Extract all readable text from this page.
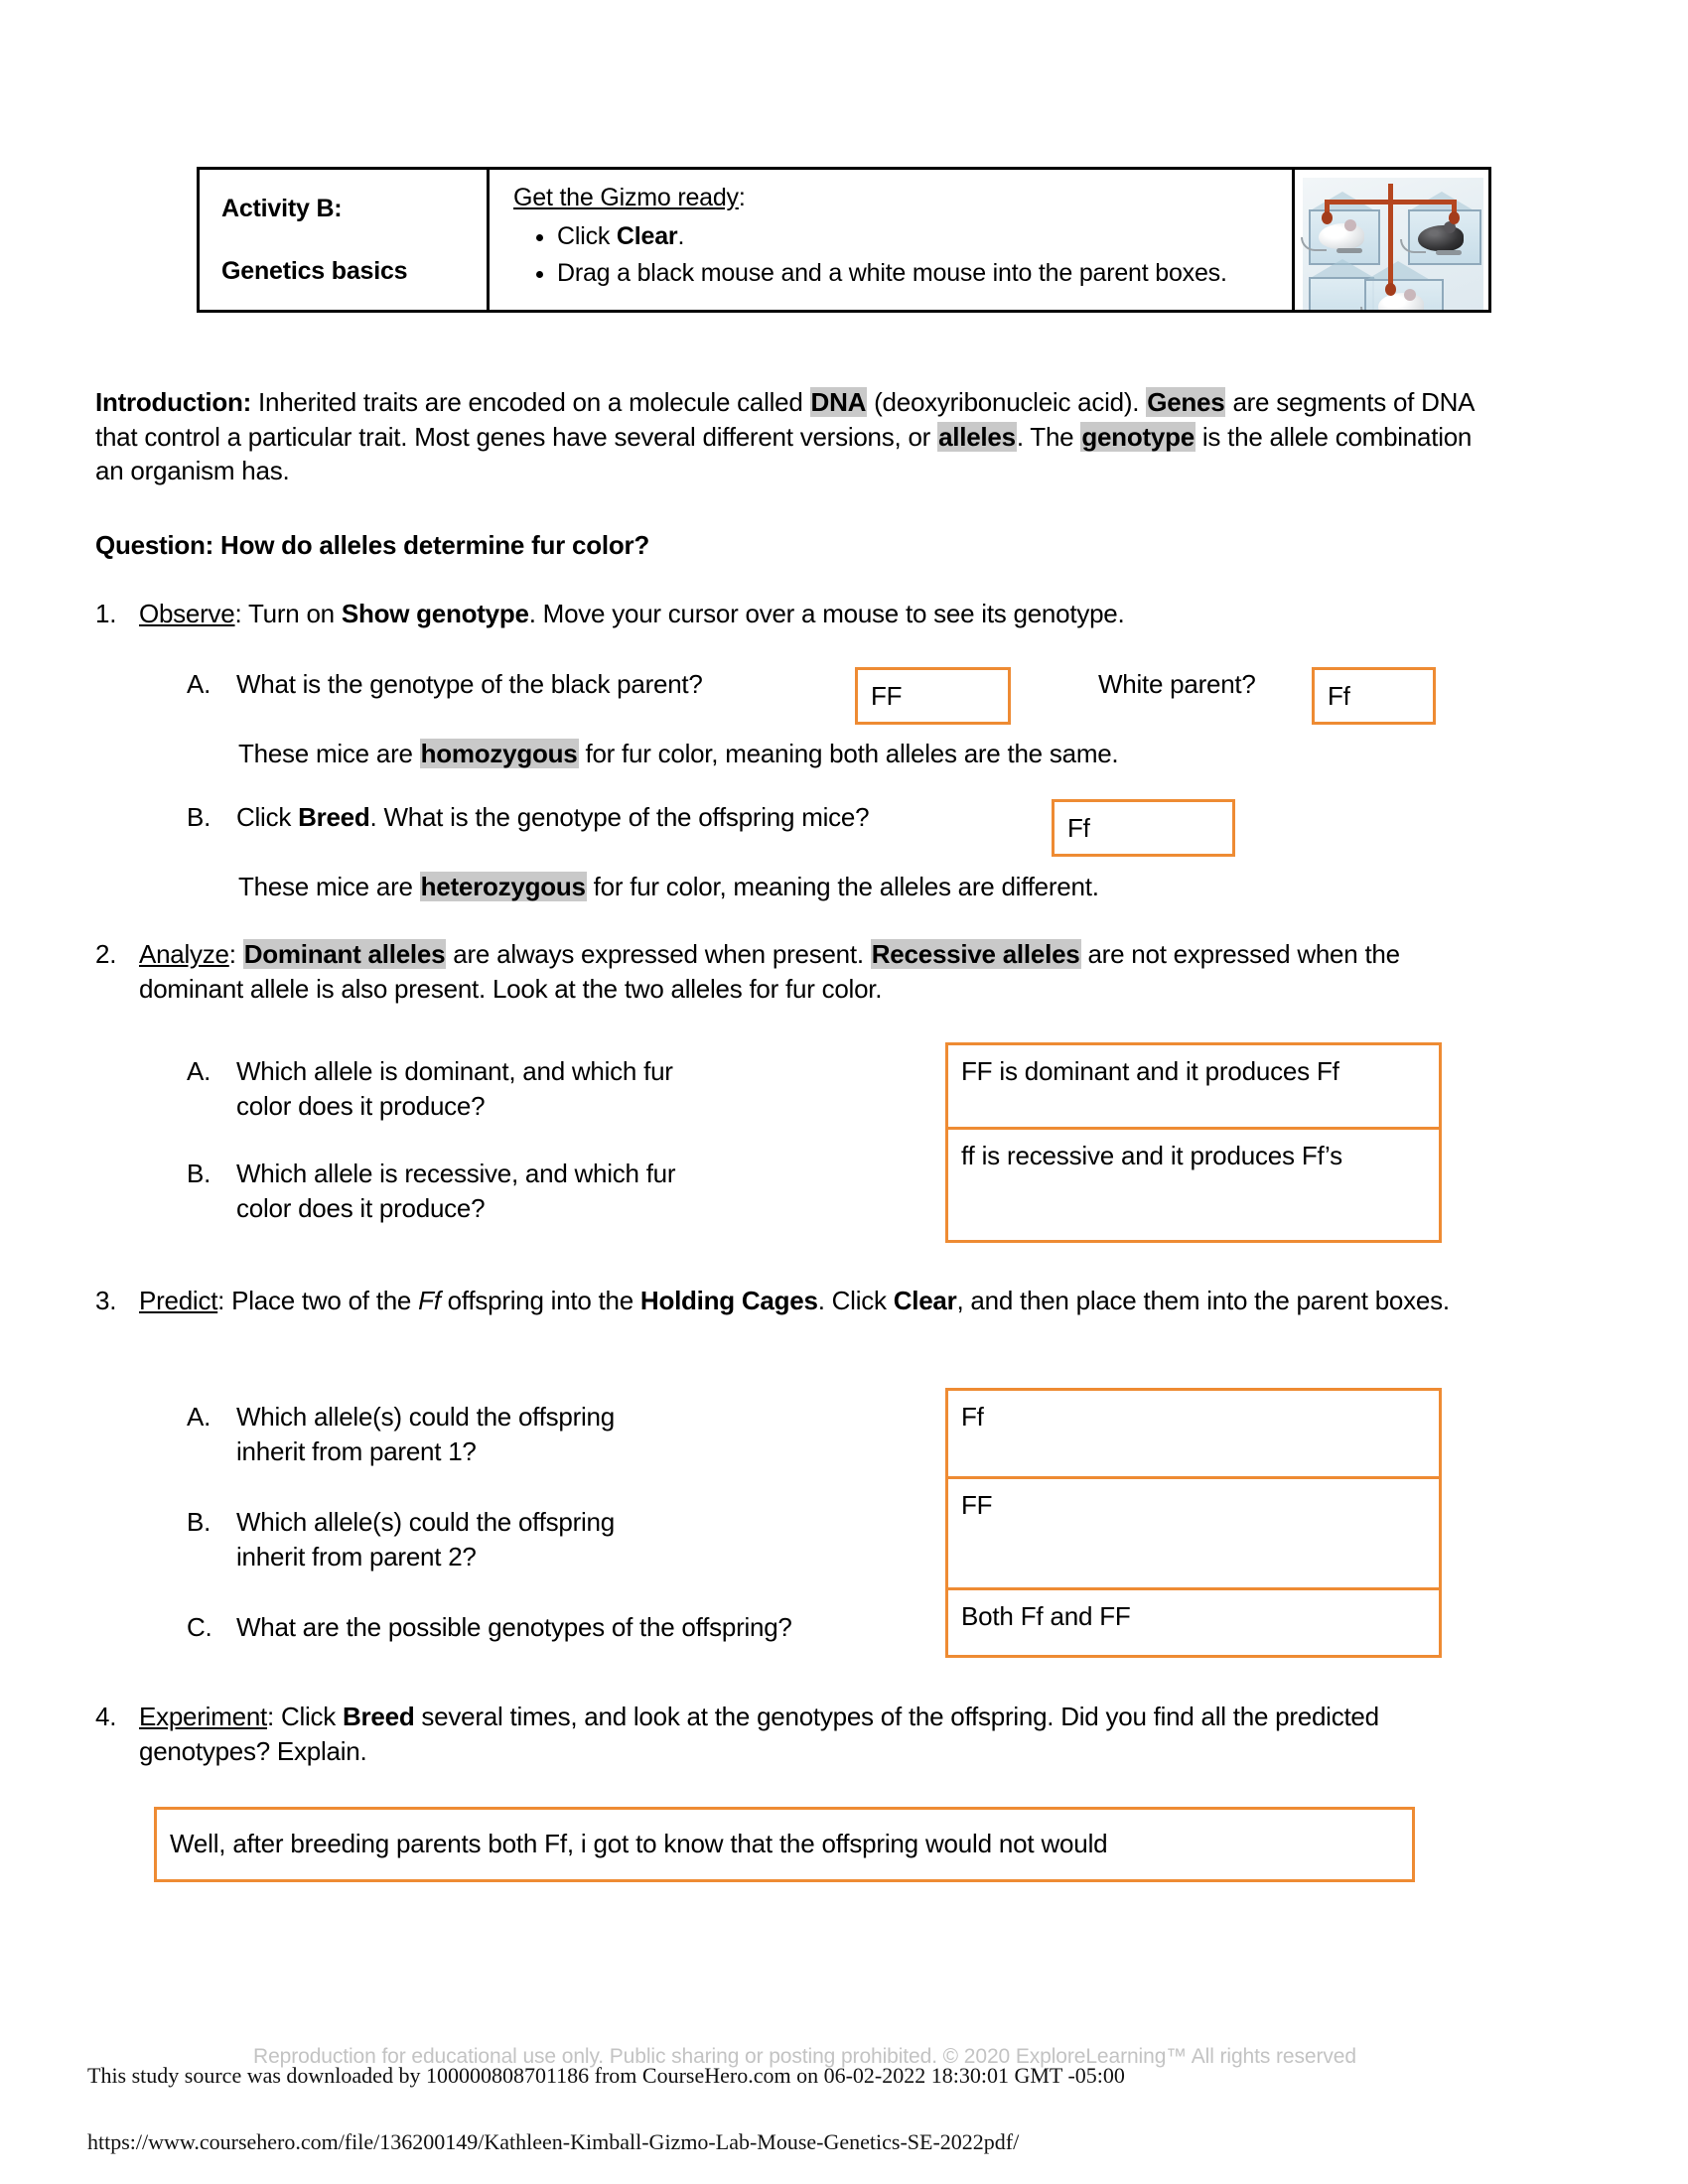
Activity B:
Genetics basics
Get the Gizmo ready:
• Click Clear.
• Drag a black mouse and a white mouse into the parent boxes.
Introduction: Inherited traits are encoded on a molecule called DNA (deoxyribonucleic acid). Genes are segments of DNA that control a particular trait. Most genes have several different versions, or alleles. The genotype is the allele combination an organism has.
Question: How do alleles determine fur color?
1. Observe: Turn on Show genotype. Move your cursor over a mouse to see its genotype.
A. What is the genotype of the black parent?	FF	White parent?	Ff
These mice are homozygous for fur color, meaning both alleles are the same.
B. Click Breed. What is the genotype of the offspring mice?	Ff
These mice are heterozygous for fur color, meaning the alleles are different.
2. Analyze: Dominant alleles are always expressed when present. Recessive alleles are not expressed when the dominant allele is also present. Look at the two alleles for fur color.
A. Which allele is dominant, and which fur color does it produce?
FF is dominant and it produces Ff
B. Which allele is recessive, and which fur color does it produce?
ff is recessive and it produces Ff’s
3. Predict: Place two of the Ff offspring into the Holding Cages. Click Clear, and then place them into the parent boxes.
A. Which allele(s) could the offspring inherit from parent 1?
Ff
B. Which allele(s) could the offspring inherit from parent 2?
FF
C. What are the possible genotypes of the offspring?	Both Ff and FF
4. Experiment: Click Breed several times, and look at the genotypes of the offspring. Did you find all the predicted genotypes? Explain.
Well, after breeding parents both Ff, i got to know that the offspring would not would
Reproduction for educational use only. Public sharing or posting prohibited. © 2020 ExploreLearning™ All rights reserved
This study source was downloaded by 100000808701186 from CourseHero.com on 06-02-2022 18:30:01 GMT -05:00
https://www.coursehero.com/file/136200149/Kathleen-Kimball-Gizmo-Lab-Mouse-Genetics-SE-2022pdf/
